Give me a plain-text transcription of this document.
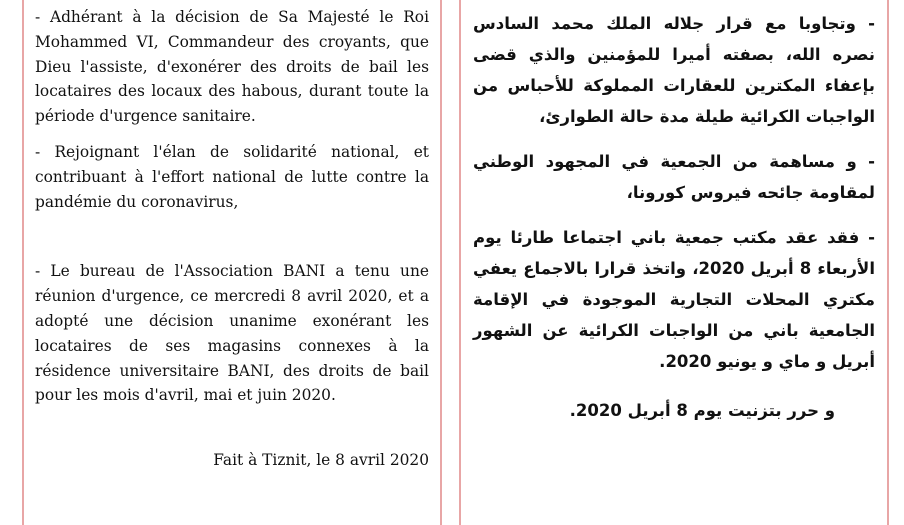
- Adhérant à la décision de Sa Majesté le Roi Mohammed VI, Commandeur des croyants, que Dieu l'assiste, d'exonérer des droits de bail les locataires des locaux des habous, durant toute la période d'urgence sanitaire.

- Rejoignant l'élan de solidarité national, et contribuant à l'effort national de lutte contre la pandémie du coronavirus,

- Le bureau de l'Association BANI a tenu une réunion d'urgence, ce mercredi 8 avril 2020, et a adopté une décision unanime exonérant les locataires de ses magasins connexes à la résidence universitaire BANI, des droits de bail pour les mois d'avril, mai et juin 2020.

Fait à Tiznit, le 8 avril 2020

- وتجاوبا مع قرار جلاله الملك محمد السادس نصره الله، بصفته أميرا للمؤمنين والذي قضى بإعفاء المكترين للعقارات المملوكة للأحباس من الواجبات الكرائية طيلة مدة حالة الطوارئ،

- و مساهمة من الجمعية في المجهود الوطني لمقاومة جائحه فيروس كورونا،

- فقد عقد مكتب جمعية باني اجتماعا طارئا يوم الأربعاء 8 أبريل 2020، واتخذ قرارا بالاجماع يعفي مكتري المحلات التجارية الموجودة في الإقامة الجامعية باني من الواجبات الكرائية عن الشهور أبريل و ماي و يونيو 2020.

و حرر بتزنيت يوم 8 أبريل 2020.
